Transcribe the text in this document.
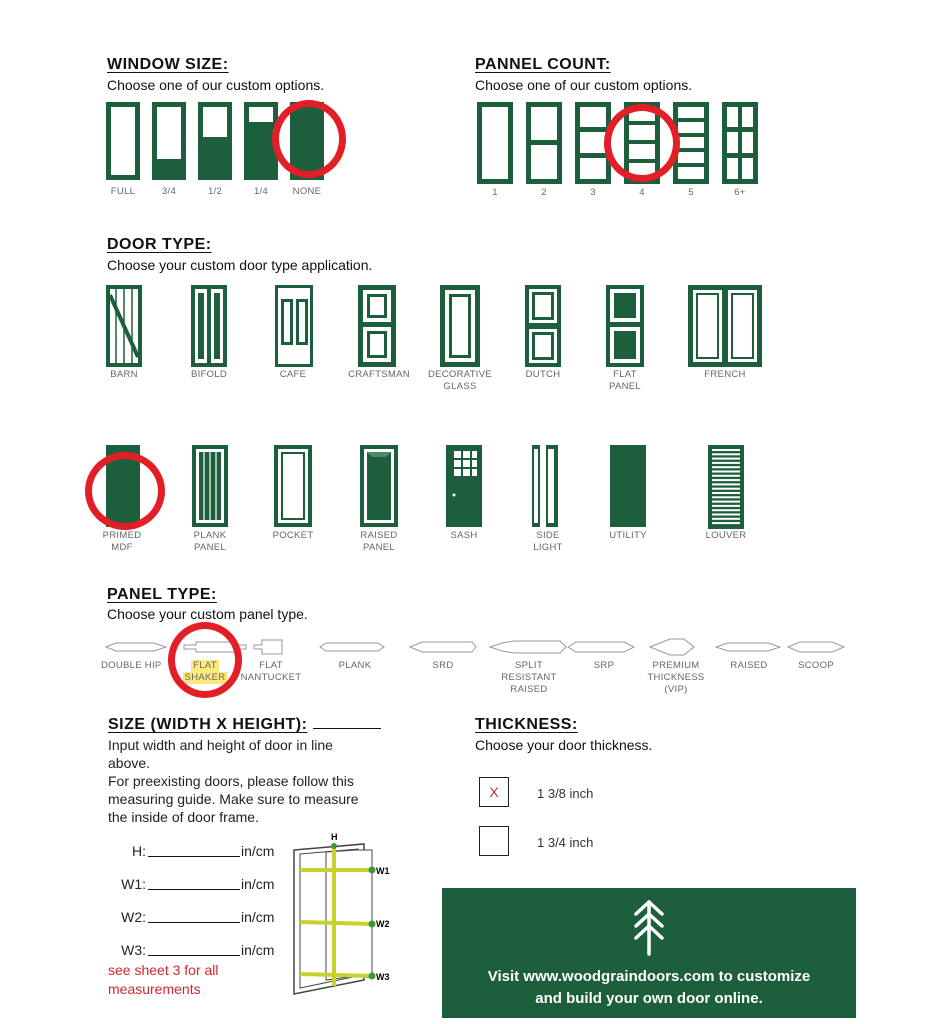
WINDOW SIZE:
Choose one of our custom options.
FULL	3/4	1/2	1/4	NONE
PANNEL COUNT:
Choose one of our custom options.
1	2	3	4	5	6+
DOOR TYPE:
Choose your custom door type application.
BARN	BIFOLD	CAFE	CRAFTSMAN	DECORATIVE
GLASS
DUTCH	FLAT
PANEL
FRENCH
PRIMED
MDF
PLANK
PANEL
POCKET	RAISED
PANEL
SASH	SIDE
LIGHT
UTILITY	LOUVER
PANEL TYPE:
Choose your custom panel type.
DOUBLE HIP	FLAT
SHAKER
FLAT
NANTUCKET
PLANK	SRD	SPLIT
RESISTANT
RAISED
SRP	PREMIUM
THICKNESS
(VIP)
RAISED	SCOOP
SIZE (WIDTH X HEIGHT):
Input width and height of door in line
above.
For preexisting doors, please follow this
measuring guide. Make sure to measure
the inside of door frame.
H:	in/cm
W1:	in/cm
W2:	in/cm
W3:	in/cm
see sheet 3 for all
measurements
H
W1
W2
W3
THICKNESS:
Choose your door thickness.
X	1 3/8 inch
1 3/4 inch
Visit www.woodgraindoors.com to customize
and build your own door online.
